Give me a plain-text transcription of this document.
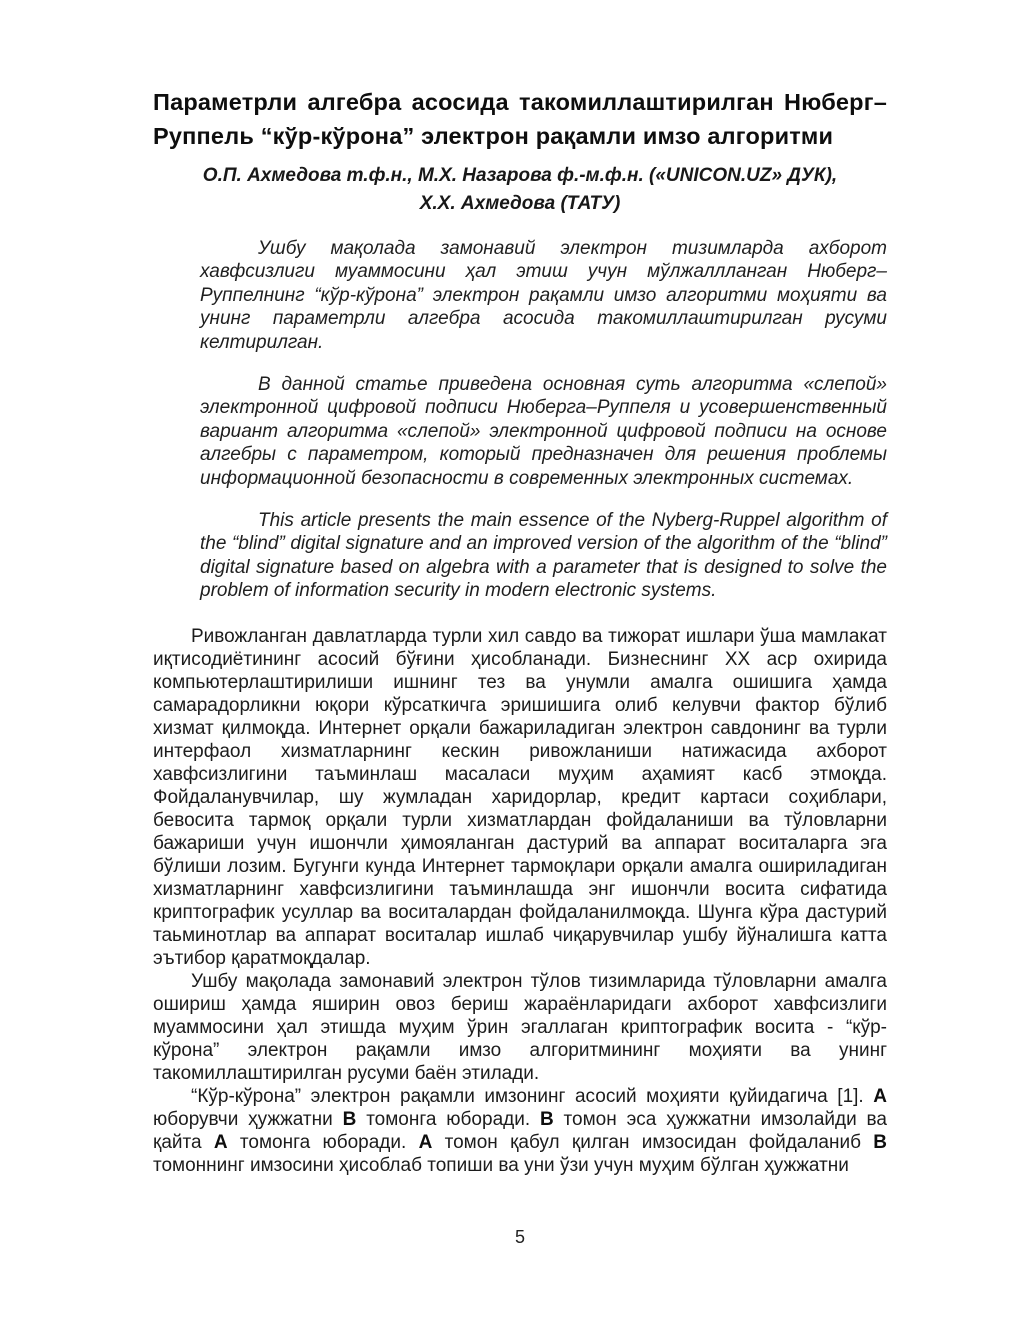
Параметрли алгебра асосида такомиллаштирилган Нюберг–Руппель “кўр-кўрона” электрон рақамли имзо алгоритми
О.П. Ахмедова т.ф.н., М.Х. Назарова ф.-м.ф.н. («UNICON.UZ» ДУК),
Х.Х. Ахмедова (ТАТУ)

Ушбу мақолада замонавий электрон тизимларда ахборот хавфсизлиги муаммосини ҳал этиш учун мўлжаллланган Нюберг–Руппелнинг “кўр-кўрона” электрон рақамли имзо алгоритми моҳияти ва унинг параметрли алгебра асосида такомиллаштирилган русуми келтирилган.

В данной статье приведена основная суть алгоритма «слепой» электронной цифровой подписи Нюберга–Руппеля и усовершенственный вариант алгоритма «слепой» электронной цифровой подписи на основе алгебры с параметром, который предназначен для решения проблемы информационной безопасности в современных электронных системах.

This article presents the main essence of the Nyberg-Ruppel algorithm of the “blind” digital signature and an improved version of the algorithm of the “blind” digital signature based on algebra with a parameter that is designed to solve the problem of information security in modern electronic systems.

Ривожланган давлатларда турли хил савдо ва тижорат ишлари ўша мамлакат иқтисодиётининг асосий бўғини ҳисобланади. Бизнеснинг ХХ аср охирида компьютерлаштирилиши ишнинг тез ва унумли амалга ошишига ҳамда самарадорликни юқори кўрсаткичга эришишига олиб келувчи фактор бўлиб хизмат қилмоқда. Интернет орқали бажариладиган электрон савдонинг ва турли интерфаол хизматларнинг кескин ривожланиши натижасида ахборот хавфсизлигини таъминлаш масаласи муҳим аҳамият касб этмоқда. Фойдаланувчилар, шу жумладан харидорлар, кредит картаси соҳиблари, бевосита тармоқ орқали турли хизматлардан фойдаланиши ва тўловларни бажариши учун ишончли ҳимояланган дастурий ва аппарат воситаларга эга бўлиши лозим. Бугунги кунда Интернет тармоқлари орқали амалга ошириладиган хизматларнинг хавфсизлигини таъминлашда энг ишончли восита сифатида криптографик усуллар ва воситалардан фойдаланилмоқда. Шунга кўра дастурий таьминотлар ва аппарат воситалар ишлаб чиқарувчилар ушбу йўналишга катта эътибор қаратмоқдалар.

Ушбу мақолада замонавий электрон тўлов тизимларида тўловларни амалга ошириш ҳамда яширин овоз бериш жараёнларидаги ахборот хавфсизлиги муаммосини ҳал этишда муҳим ўрин эгаллаган криптографик восита - “кўр-кўрона” электрон рақамли имзо алгоритмининг моҳияти ва унинг такомиллаштирилган русуми баён этилади.

“Кўр-кўрона” электрон рақамли имзонинг асосий моҳияти қуйидагича [1]. А юборувчи ҳужжатни В томонга юборади. В томон эса ҳужжатни имзолайди ва қайта А томонга юборади. А томон қабул қилган имзосидан фойдаланиб В томоннинг имзосини ҳисоблаб топиши ва уни ўзи учун муҳим бўлган ҳужжатни

5
